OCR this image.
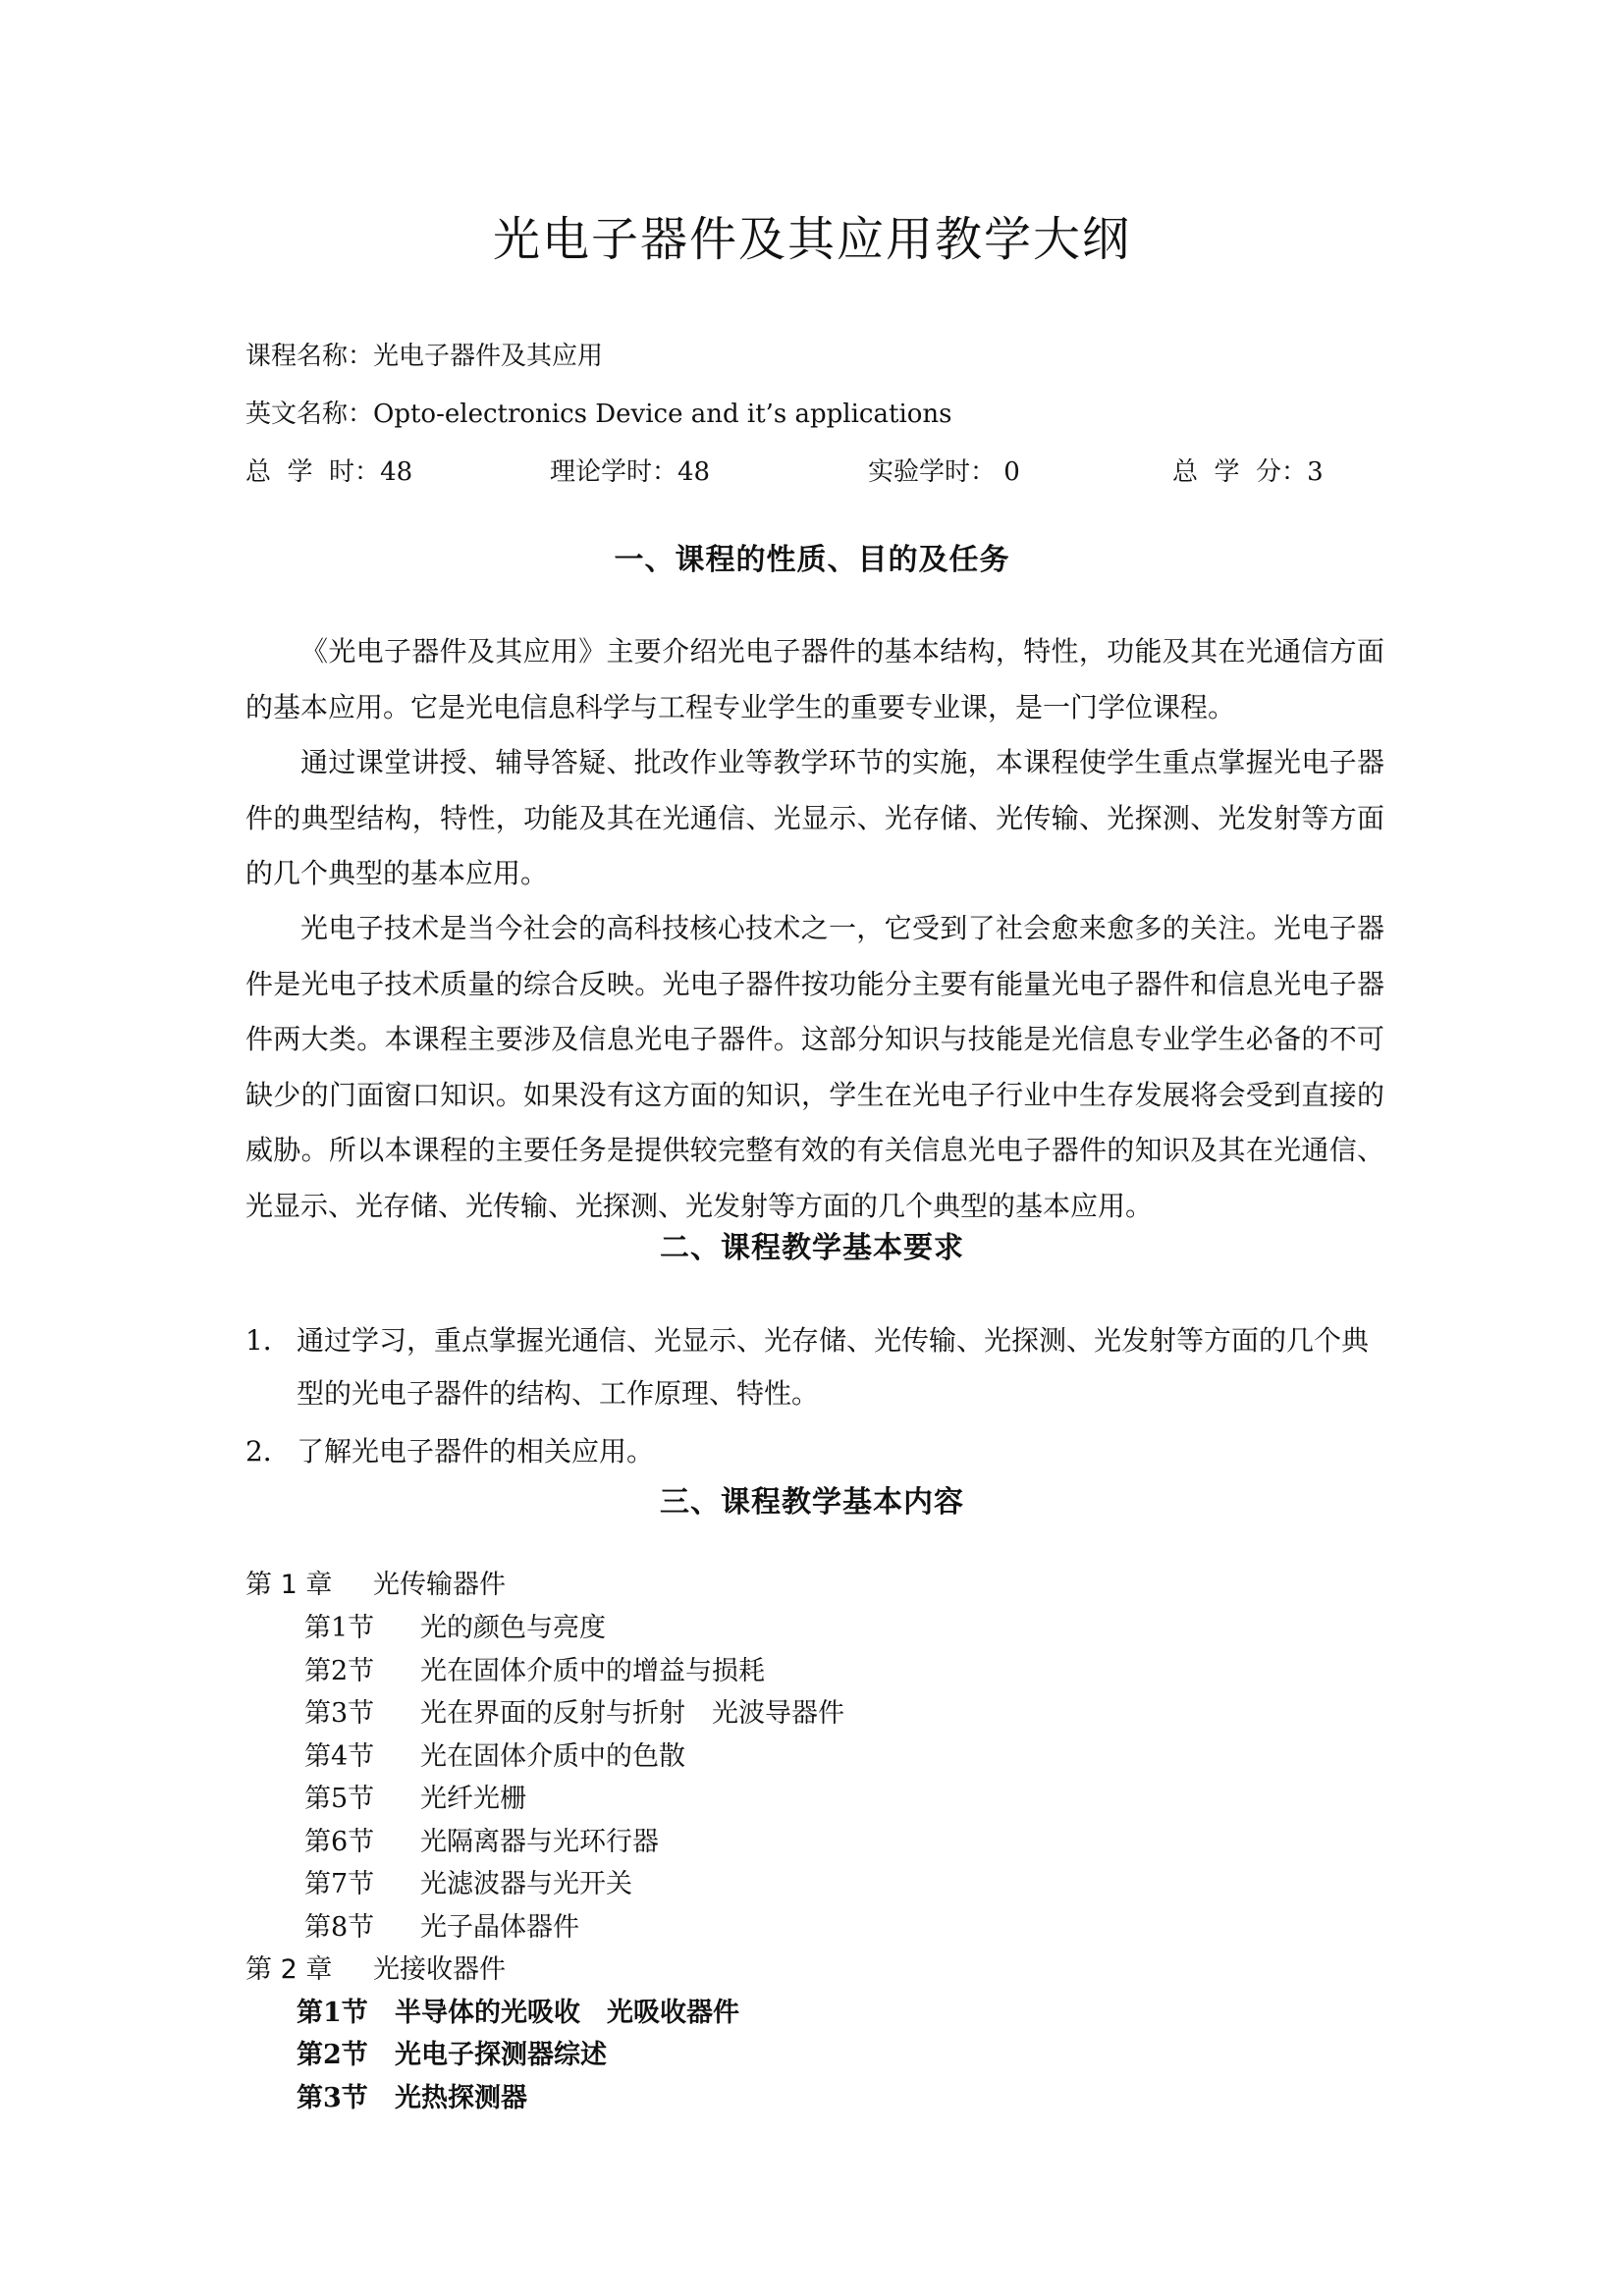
光电子器件及其应用教学大纲
课程名称：光电子器件及其应用
英文名称：Opto-electronics Device and it’s applications
总  学  时：48	理论学时：48	实验学时： 0	总  学  分：3
一、课程的性质、目的及任务

《光电子器件及其应用》主要介绍光电子器件的基本结构，特性，功能及其在光通信方面的基本应用。它是光电信息科学与工程专业学生的重要专业课，是一门学位课程。

通过课堂讲授、辅导答疑、批改作业等教学环节的实施，本课程使学生重点掌握光电子器件的典型结构，特性，功能及其在光通信、光显示、光存储、光传输、光探测、光发射等方面的几个典型的基本应用。

光电子技术是当今社会的高科技核心技术之一，它受到了社会愈来愈多的关注。光电子器件是光电子技术质量的综合反映。光电子器件按功能分主要有能量光电子器件和信息光电子器件两大类。本课程主要涉及信息光电子器件。这部分知识与技能是光信息专业学生必备的不可缺少的门面窗口知识。如果没有这方面的知识，学生在光电子行业中生存发展将会受到直接的威胁。所以本课程的主要任务是提供较完整有效的有关信息光电子器件的知识及其在光通信、光显示、光存储、光传输、光探测、光发射等方面的几个典型的基本应用。

二、课程教学基本要求
1． 通过学习，重点掌握光通信、光显示、光存储、光传输、光探测、光发射等方面的几个典型的光电子器件的结构、工作原理、特性。
2． 了解光电子器件的相关应用。
三、课程教学基本内容
第 1 章 光传输器件
第1节 光的颜色与亮度
第2节 光在固体介质中的增益与损耗
第3节 光在界面的反射与折射　光波导器件
第4节 光在固体介质中的色散
第5节 光纤光栅
第6节 光隔离器与光环行器
第7节 光滤波器与光开关
第8节 光子晶体器件
第 2 章 光接收器件
第1节 半导体的光吸收　光吸收器件
第2节 光电子探测器综述
第3节 光热探测器
